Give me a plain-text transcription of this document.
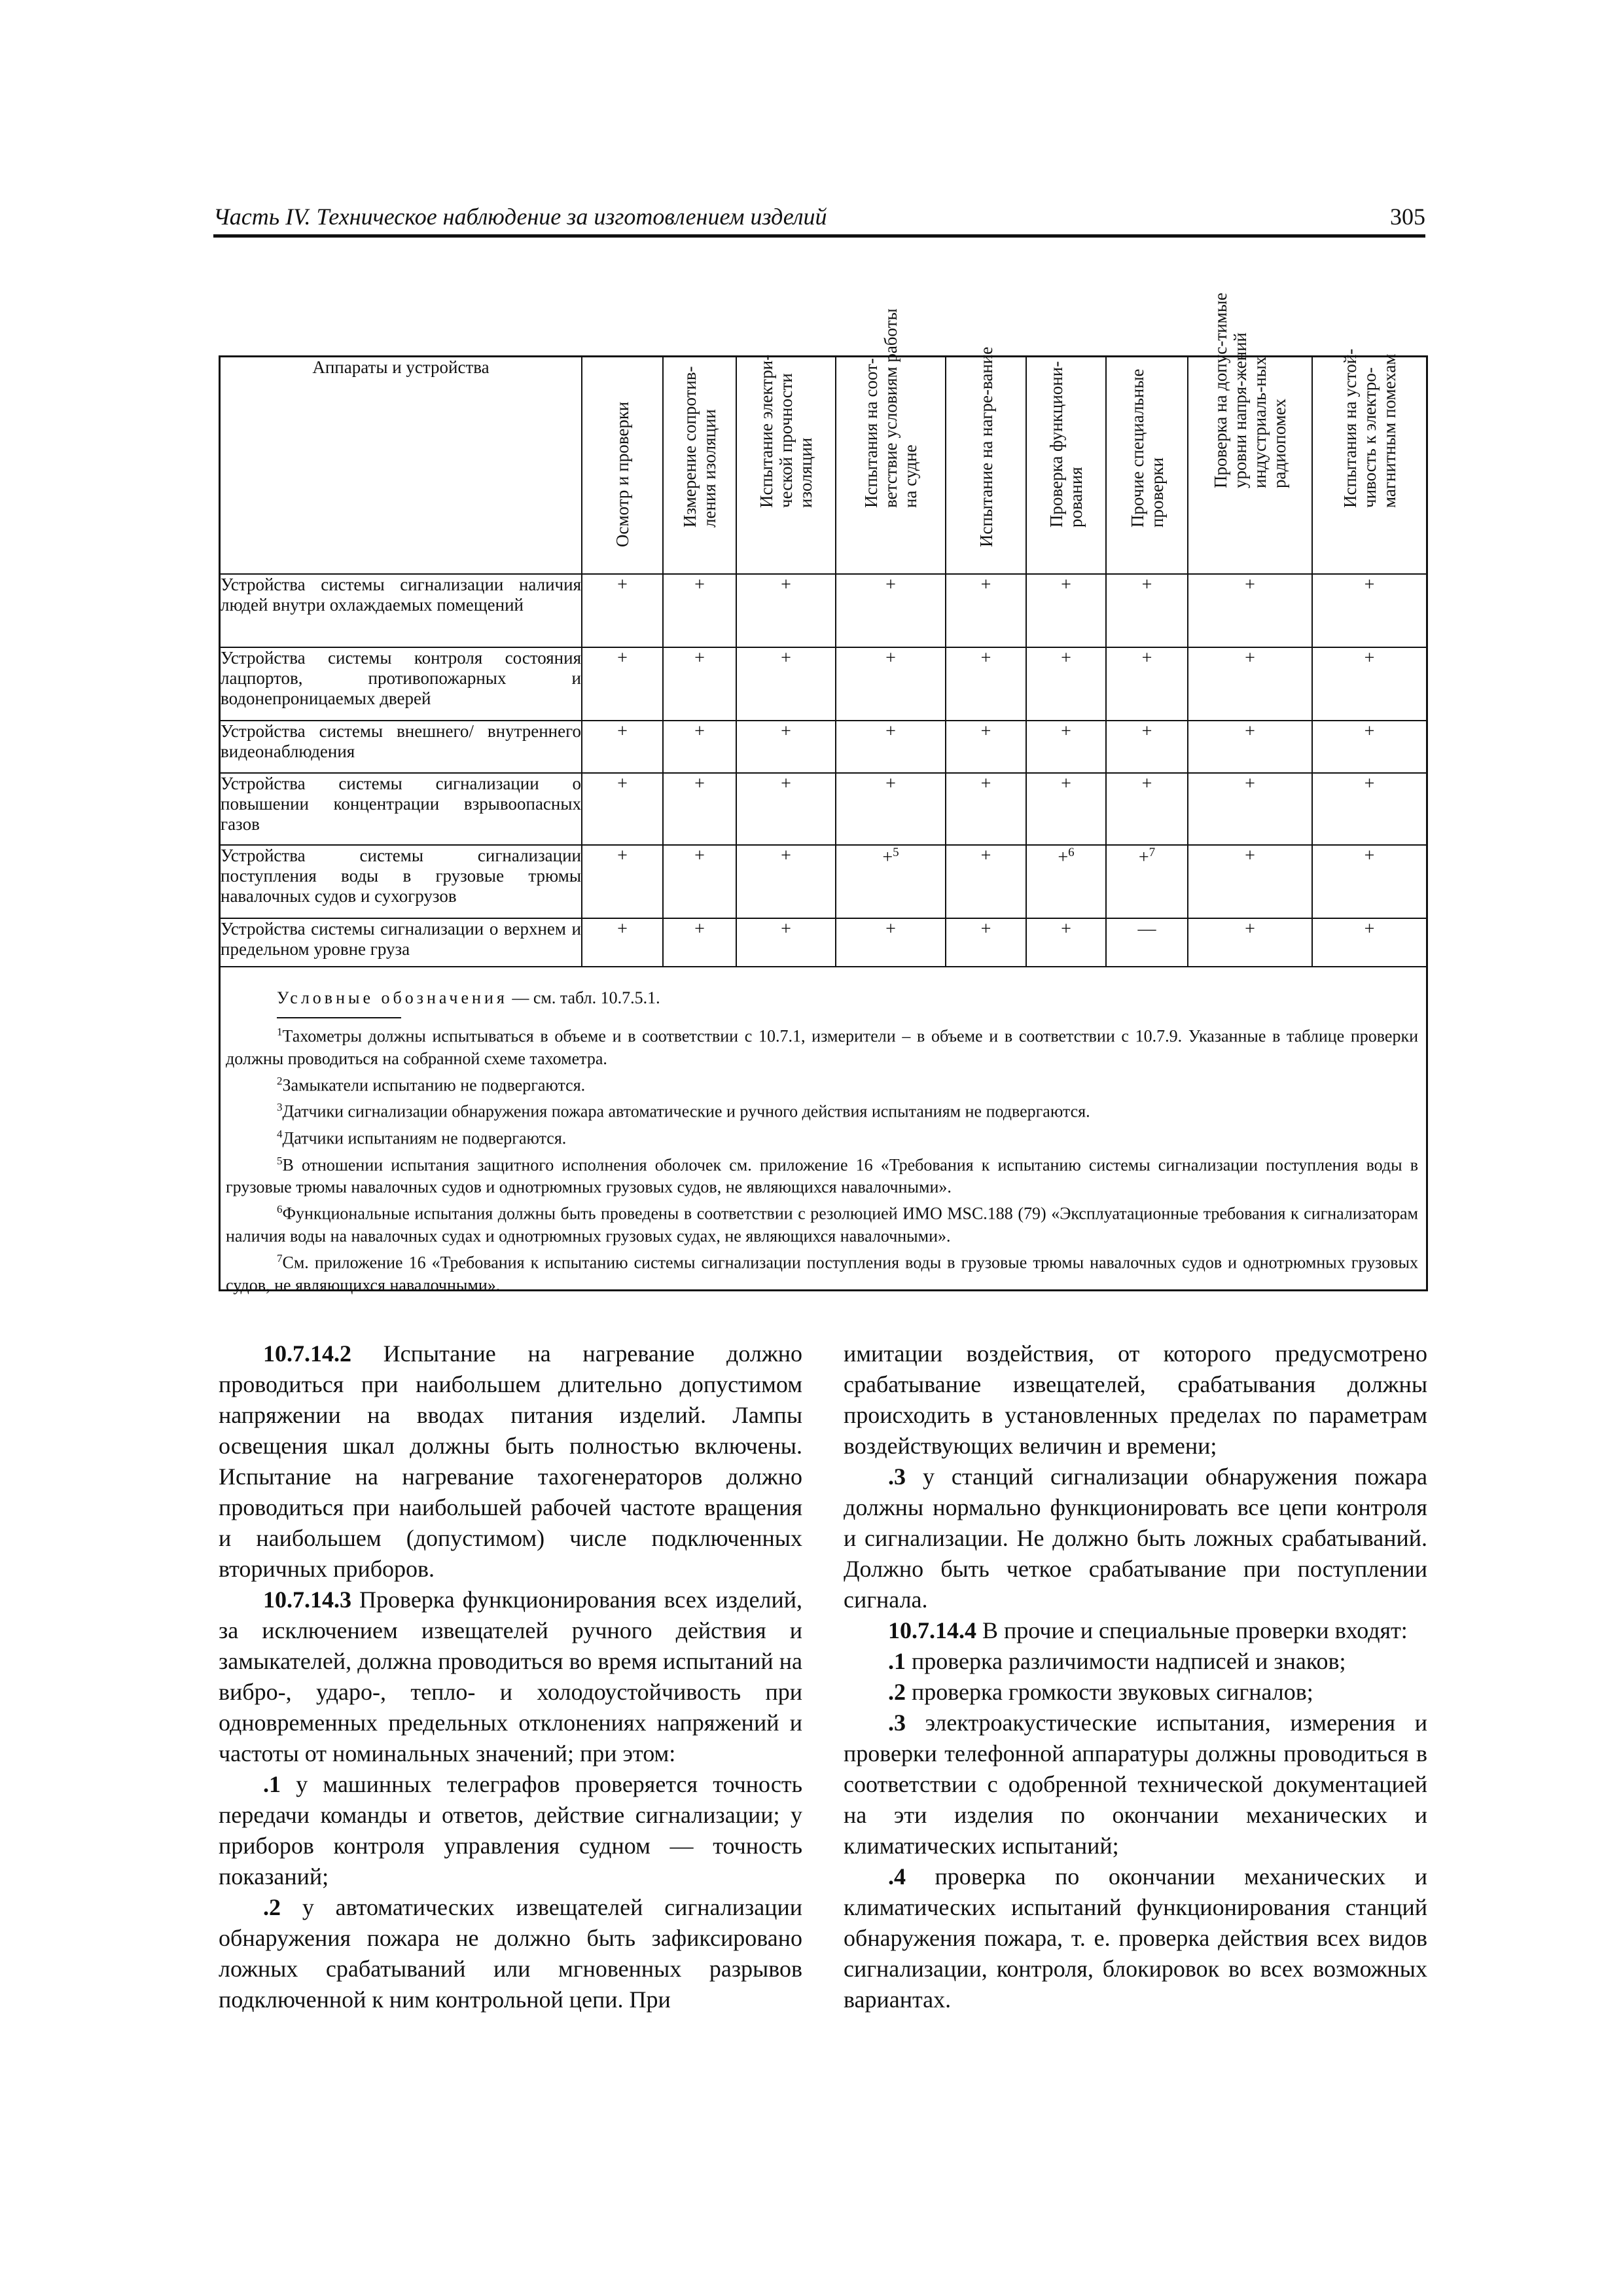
Часть IV. Техническое наблюдение за изготовлением изделий	305
Аппараты и устройства	Осмотр и проверки	Измерение сопротив-ления изоляции	Испытание электри-ческой прочности изоляции	Испытания на соот-ветствие условиям работы на судне	Испытание на нагре-вание	Проверка функциони-рования	Прочие специальные проверки	Проверка на допус-тимые уровни напря-жений индустриаль-ных радиопомех	Испытания на устой-чивость к электро-магнитным помехам

Устройства системы сигнализации наличия людей внутри охлаждаемых помещений	+	+	+	+	+	+	+	+	+
Устройства системы контроля состояния лацпортов, противопожарных и водонепроницаемых дверей	+	+	+	+	+	+	+	+	+
Устройства системы внешнего/ внутреннего видеонаблюдения	+	+	+	+	+	+	+	+	+
Устройства системы сигнализации о повышении концентрации взрывоопасных газов	+	+	+	+	+	+	+	+	+
Устройства системы сигнализации поступления воды в грузовые трюмы навалочных судов и сухогрузов	+	+	+	+$^5$	+	+$^6$	+$^7$	+	+
Устройства системы сигнализации о верхнем и предельном уровне груза	+	+	+	+	+	+	—	+	+
Условные обозначения — см. табл. 10.7.5.1.

$^1$Тахометры должны испытываться в объеме и в соответствии с 10.7.1, измерители – в объеме и в соответствии с 10.7.9. Указанные в таблице проверки должны проводиться на собранной схеме тахометра.

$^2$Замыкатели испытанию не подвергаются.

$^3$Датчики сигнализации обнаружения пожара автоматические и ручного действия испытаниям не подвергаются.

$^4$Датчики испытаниям не подвергаются.

$^5$В отношении испытания защитного исполнения оболочек см. приложение 16 «Требования к испытанию системы сигнализации поступления воды в грузовые трюмы навалочных судов и однотрюмных грузовых судов, не являющихся навалочными».

$^6$Функциональные испытания должны быть проведены в соответствии с резолюцией ИМО MSC.188 (79) «Эксплуатационные требования к сигнализаторам наличия воды на навалочных судах и однотрюмных грузовых судах, не являющихся навалочными».

$^7$См. приложение 16 «Требования к испытанию системы сигнализации поступления воды в грузовые трюмы навалочных судов и однотрюмных грузовых судов, не являющихся навалочными».

10.7.14.2 Испытание на нагревание должно проводиться при наибольшем длительно допустимом напряжении на вводах питания изделий. Лампы освещения шкал должны быть полностью включены. Испытание на нагревание тахогенераторов должно проводиться при наибольшей рабочей частоте вращения и наибольшем (допустимом) числе подключенных вторичных приборов.

10.7.14.3 Проверка функционирования всех изделий, за исключением извещателей ручного действия и замыкателей, должна проводиться во время испытаний на вибро-, ударо-, тепло- и холодоустойчивость при одновременных предельных отклонениях напряжений и частоты от номинальных значений; при этом:

.1 у машинных телеграфов проверяется точность передачи команды и ответов, действие сигнализации; у приборов контроля управления судном — точность показаний;

.2 у автоматических извещателей сигнализации обнаружения пожара не должно быть зафиксировано ложных срабатываний или мгновенных разрывов подключенной к ним контрольной цепи. При

имитации воздействия, от которого предусмотрено срабатывание извещателей, срабатывания должны происходить в установленных пределах по параметрам воздействующих величин и времени;

.3 у станций сигнализации обнаружения пожара должны нормально функционировать все цепи контроля и сигнализации. Не должно быть ложных срабатываний. Должно быть четкое срабатывание при поступлении сигнала.

10.7.14.4 В прочие и специальные проверки входят:

.1 проверка различимости надписей и знаков;

.2 проверка громкости звуковых сигналов;

.3 электроакустические испытания, измерения и проверки телефонной аппаратуры должны проводиться в соответствии с одобренной технической документацией на эти изделия по окончании механических и климатических испытаний;

.4 проверка по окончании механических и климатических испытаний функционирования станций обнаружения пожара, т. е. проверка действия всех видов сигнализации, контроля, блокировок во всех возможных вариантах.
